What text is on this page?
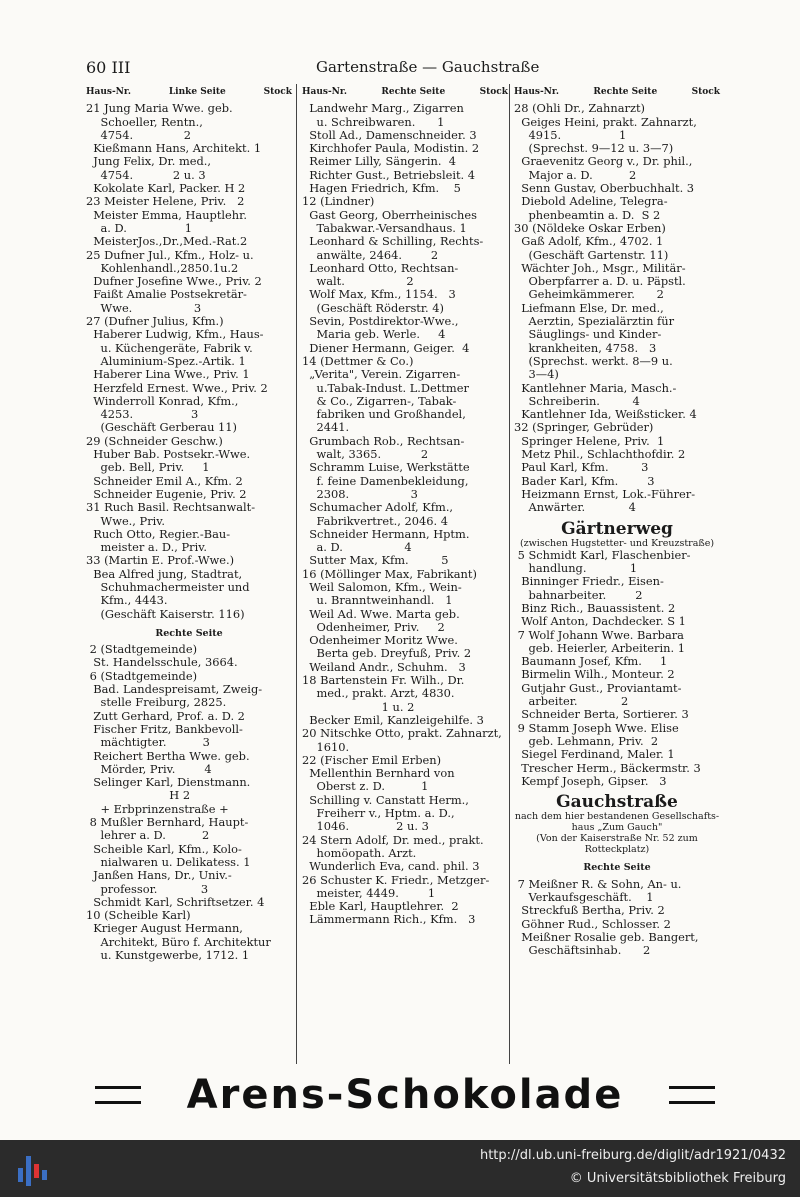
60 III	Gartenstraße — Gauchstraße
Haus-Nr.	Linke Seite	Stock
21 Jung Maria Wwe. geb.
Schoeller, Rentn.,
4754.              2
Kießmann Hans, Architekt. 1
Jung Felix, Dr. med.,
4754.           2 u. 3
Kokolate Karl, Packer. H 2
23 Meister Helene, Priv.   2
Meister Emma, Hauptlehr.
a. D.                1
MeisterJos.,Dr.,Med.-Rat.2
25 Dufner Jul., Kfm., Holz- u.
Kohlenhandl.,2850.1u.2
Dufner Josefine Wwe., Priv. 2
Faißt Amalie Postsekretär-
Wwe.                 3
27 (Dufner Julius, Kfm.)
Haberer Ludwig, Kfm., Haus-
u. Küchengeräte, Fabrik v.
Aluminium-Spez.-Artik. 1
Haberer Lina Wwe., Priv. 1
Herzfeld Ernest. Wwe., Priv. 2
Winderroll Konrad, Kfm.,
4253.                3
(Geschäft Gerberau 11)
29 (Schneider Geschw.)
Huber Bab. Postsekr.-Wwe.
geb. Bell, Priv.     1
Schneider Emil A., Kfm. 2
Schneider Eugenie, Priv. 2
31 Ruch Basil. Rechtsanwalt-
Wwe., Priv.
Ruch Otto, Regier.-Bau-
meister a. D., Priv.
33 (Martin E. Prof.-Wwe.)
Bea Alfred jung, Stadtrat,
Schuhmachermeister und
Kfm., 4443.
(Geschäft Kaiserstr. 116)
Rechte Seite
2 (Stadtgemeinde)
St. Handelsschule, 3664.
6 (Stadtgemeinde)
Bad. Landespreisamt, Zweig-
stelle Freiburg, 2825.
Zutt Gerhard, Prof. a. D. 2
Fischer Fritz, Bankbevoll-
mächtigter.          3
Reichert Bertha Wwe. geb.
Mörder, Priv.        4
Selinger Karl, Dienstmann.
H 2
+ Erbprinzenstraße +
8 Mußler Bernhard, Haupt-
lehrer a. D.          2
Scheible Karl, Kfm., Kolo-
nialwaren u. Delikatess. 1
Janßen Hans, Dr., Univ.-
professor.            3
Schmidt Karl, Schriftsetzer. 4
10 (Scheible Karl)
Krieger August Hermann,
Architekt, Büro f. Architektur
u. Kunstgewerbe, 1712. 1
Haus-Nr.	Rechte Seite	Stock
Landwehr Marg., Zigarren
u. Schreibwaren.      1
Stoll Ad., Damenschneider. 3
Kirchhofer Paula, Modistin. 2
Reimer Lilly, Sängerin.  4
Richter Gust., Betriebsleit. 4
Hagen Friedrich, Kfm.    5
12 (Lindner)
Gast Georg, Oberrheinisches
Tabakwar.-Versandhaus. 1
Leonhard & Schilling, Rechts-
anwälte, 2464.        2
Leonhard Otto, Rechtsan-
walt.                 2
Wolf Max, Kfm., 1154.   3
(Geschäft Röderstr. 4)
Sevin, Postdirektor-Wwe.,
Maria geb. Werle.     4
Diener Hermann, Geiger.  4
14 (Dettmer & Co.)
„Verita", Verein. Zigarren-
u.Tabak-Indust. L.Dettmer
& Co., Zigarren-, Tabak-
fabriken und Großhandel,
2441.
Grumbach Rob., Rechtsan-
walt, 3365.           2
Schramm Luise, Werkstätte
f. feine Damenbekleidung,
2308.                 3
Schumacher Adolf, Kfm.,
Fabrikvertret., 2046. 4
Schneider Hermann, Hptm.
a. D.                 4
Sutter Max, Kfm.         5
16 (Möllinger Max, Fabrikant)
Weil Salomon, Kfm., Wein-
u. Branntweinhandl.   1
Weil Ad. Wwe. Marta geb.
Odenheimer, Priv.     2
Odenheimer Moritz Wwe.
Berta geb. Dreyfuß, Priv. 2
Weiland Andr., Schuhm.   3
18 Bartenstein Fr. Wilh., Dr.
med., prakt. Arzt, 4830.
1 u. 2
Becker Emil, Kanzleigehilfe. 3
20 Nitschke Otto, prakt. Zahnarzt,
1610.
22 (Fischer Emil Erben)
Mellenthin Bernhard von
Oberst z. D.          1
Schilling v. Canstatt Herm.,
Freiherr v., Hptm. a. D.,
1046.             2 u. 3
24 Stern Adolf, Dr. med., prakt.
homöopath. Arzt.
Wunderlich Eva, cand. phil. 3
26 Schuster K. Friedr., Metzger-
meister, 4449.        1
Eble Karl, Hauptlehrer.  2
Lämmermann Rich., Kfm.   3
Haus-Nr.	Rechte Seite	Stock
28 (Ohli Dr., Zahnarzt)
Geiges Heini, prakt. Zahnarzt,
4915.                1
(Sprechst. 9—12 u. 3—7)
Graevenitz Georg v., Dr. phil.,
Major a. D.          2
Senn Gustav, Oberbuchhalt. 3
Diebold Adeline, Telegra-
phenbeamtin a. D.  S 2
30 (Nöldeke Oskar Erben)
Gaß Adolf, Kfm., 4702. 1
(Geschäft Gartenstr. 11)
Wächter Joh., Msgr., Militär-
Oberpfarrer a. D. u. Päpstl.
Geheimkämmerer.      2
Liefmann Else, Dr. med.,
Aerztin, Spezialärztin für
Säuglings- und Kinder-
krankheiten, 4758.   3
(Sprechst. werkt. 8—9 u.
3—4)
Kantlehner Maria, Masch.-
Schreiberin.         4
Kantlehner Ida, Weißsticker. 4
32 (Springer, Gebrüder)
Springer Helene, Priv.  1
Metz Phil., Schlachthofdir. 2
Paul Karl, Kfm.         3
Bader Karl, Kfm.        3
Heizmann Ernst, Lok.-Führer-
Anwärter.            4
Gärtnerweg
(zwischen Hugstetter- und Kreuzstraße)
5 Schmidt Karl, Flaschenbier-
handlung.            1
Binninger Friedr., Eisen-
bahnarbeiter.        2
Binz Rich., Bauassistent. 2
Wolf Anton, Dachdecker. S 1
7 Wolf Johann Wwe. Barbara
geb. Heierler, Arbeiterin. 1
Baumann Josef, Kfm.     1
Birmelin Wilh., Monteur. 2
Gutjahr Gust., Proviantamt-
arbeiter.            2
Schneider Berta, Sortierer. 3
9 Stamm Joseph Wwe. Elise
geb. Lehmann, Priv.  2
Siegel Ferdinand, Maler. 1
Trescher Herm., Bäckermstr. 3
Kempf Joseph, Gipser.   3
Gauchstraße
nach dem hier bestandenen Gesellschafts-
haus „Zum Gauch"
(Von der Kaiserstraße Nr. 52 zum
Rotteckplatz)
Rechte Seite
7 Meißner R. & Sohn, An- u.
Verkaufsgeschäft.    1
Streckfuß Bertha, Priv. 2
Göhner Rud., Schlosser. 2
Meißner Rosalie geb. Bangert,
Geschäftsinhab.      2
Arens-Schokolade
http://dl.ub.uni-freiburg.de/diglit/adr1921/0432
© Universitätsbibliothek Freiburg
